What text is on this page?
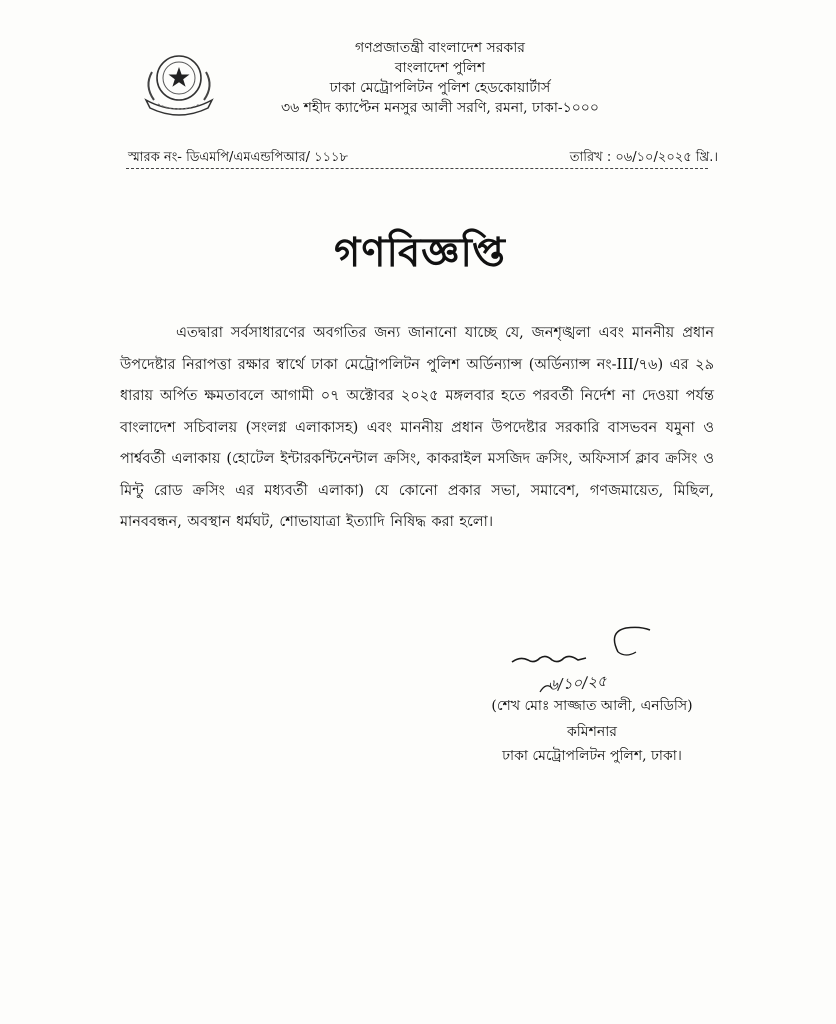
গণপ্রজাতন্ত্রী বাংলাদেশ সরকার
বাংলাদেশ পুলিশ
ঢাকা মেট্রোপলিটন পুলিশ হেডকোয়ার্টার্স
৩৬ শহীদ ক্যাপ্টেন মনসুর আলী সরণি, রমনা, ঢাকা-১০০০
স্মারক নং- ডিএমপি/এমএন্ডপিআর/ ১১১৮	তারিখ : ০৬/১০/২০২৫ খ্রি.।
গণবিজ্ঞপ্তি
এতদ্বারা সর্বসাধারণের অবগতির জন্য জানানো যাচ্ছে যে, জনশৃঙ্খলা এবং মাননীয় প্রধান উপদেষ্টার নিরাপত্তা রক্ষার স্বার্থে ঢাকা মেট্রোপলিটন পুলিশ অর্ডিন্যান্স (অর্ডিন্যান্স নং-III/৭৬) এর ২৯ ধারায় অর্পিত ক্ষমতাবলে আগামী ০৭ অক্টোবর ২০২৫ মঙ্গলবার হতে পরবর্তী নির্দেশ না দেওয়া পর্যন্ত বাংলাদেশ সচিবালয় (সংলগ্ন এলাকাসহ) এবং মাননীয় প্রধান উপদেষ্টার সরকারি বাসভবন যমুনা ও পার্শ্ববর্তী এলাকায় (হোটেল ইন্টারকন্টিনেন্টাল ক্রসিং, কাকরাইল মসজিদ ক্রসিং, অফিসার্স ক্লাব ক্রসিং ও মিন্টু রোড ক্রসিং এর মধ্যবর্তী এলাকা) যে কোনো প্রকার সভা, সমাবেশ, গণজমায়েত, মিছিল, মানববন্ধন, অবস্থান ধর্মঘট, শোভাযাত্রা ইত্যাদি নিষিদ্ধ করা হলো।
৬/১০/২৫
(শেখ মোঃ সাজ্জাত আলী, এনডিসি)
কমিশনার
ঢাকা মেট্রোপলিটন পুলিশ, ঢাকা।
